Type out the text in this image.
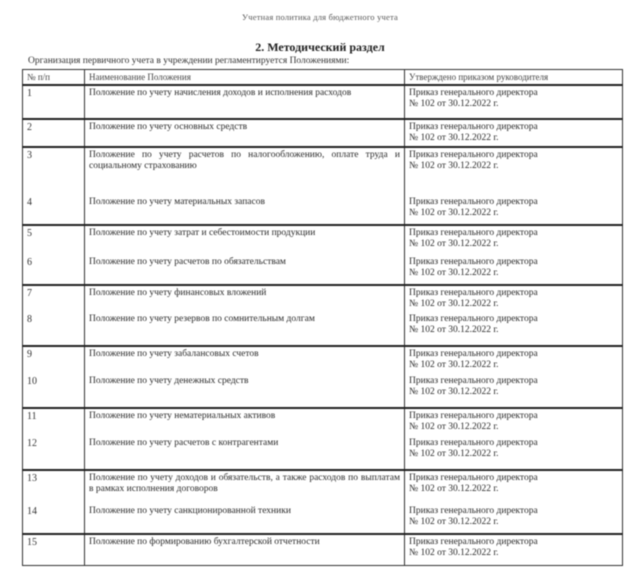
Учетная политика для бюджетного учета
2. Методический раздел
Организация первичного учета в учреждении регламентируется Положениями:
№ п/п	Наименование Положения	Утверждено приказом руководителя
1	Положение по учету начисления доходов и исполнения расходов	Приказ генерального директора
№ 102 от 30.12.2022 г.

2	Положение по учету основных средств	Приказ генерального директора
№ 102 от 30.12.2022 г.

3	Положение по учету расчетов по налогообложению, оплате труда и социальному страхованию	Приказ генерального директора
№ 102 от 30.12.2022 г.

4	Положение по учету материальных запасов	Приказ генерального директора
№ 102 от 30.12.2022 г.

5	Положение по учету затрат и себестоимости продукции	Приказ генерального директора
№ 102 от 30.12.2022 г.

6	Положение по учету расчетов по обязательствам	Приказ генерального директора
№ 102 от 30.12.2022 г.

7	Положение по учету финансовых вложений	Приказ генерального директора
№ 102 от 30.12.2022 г.

8	Положение по учету резервов по сомнительным долгам	Приказ генерального директора
№ 102 от 30.12.2022 г.

9	Положение по учету забалансовых счетов	Приказ генерального директора
№ 102 от 30.12.2022 г.

10	Положение по учету денежных средств	Приказ генерального директора
№ 102 от 30.12.2022 г.

11	Положение по учету нематериальных активов	Приказ генерального директора
№ 102 от 30.12.2022 г.

12	Положение по учету расчетов с контрагентами	Приказ генерального директора
№ 102 от 30.12.2022 г.

13	Положение по учету доходов и обязательств, а также расходов по выплатам в рамках исполнения договоров	Приказ генерального директора
№ 102 от 30.12.2022 г.

14	Положение по учету санкционированной техники	Приказ генерального директора
№ 102 от 30.12.2022 г.

15	Положение по формированию бухгалтерской отчетности	Приказ генерального директора
№ 102 от 30.12.2022 г.
